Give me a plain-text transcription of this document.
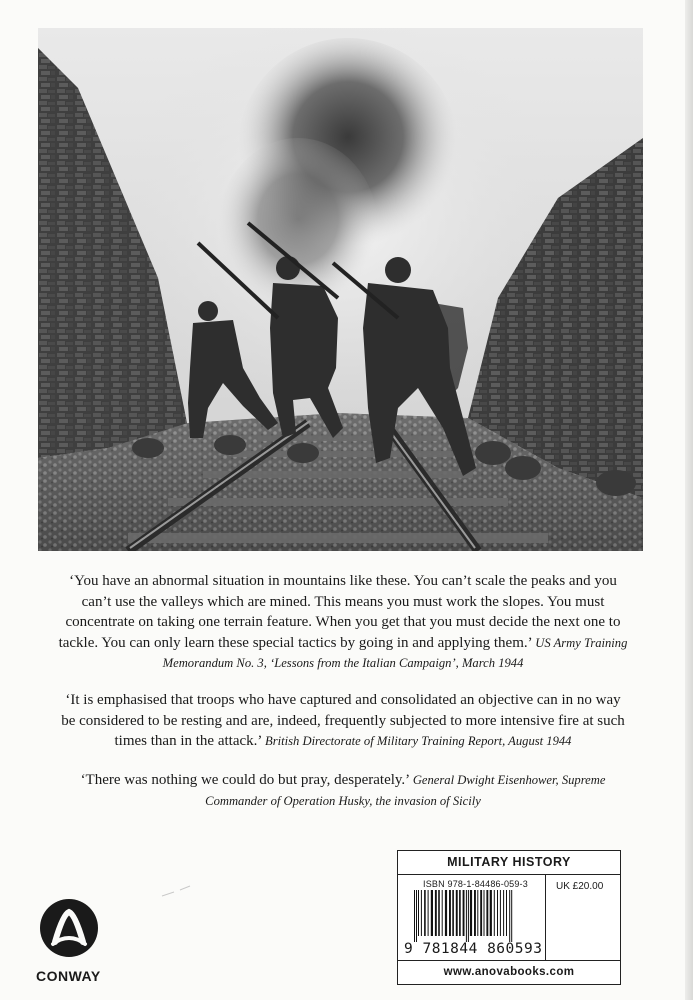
‘You have an abnormal situation in mountains like these. You can’t scale the peaks and you can’t use the valleys which are mined. This means you must work the slopes. You must concentrate on taking one terrain feature. When you get that you must decide the next one to tackle. You can only learn these special tactics by going in and applying them.’ US Army Training Memorandum No. 3, ‘Lessons from the Italian Campaign’, March 1944
‘It is emphasised that troops who have captured and consolidated an objective can in no way be considered to be resting and are, indeed, frequently subjected to more intensive fire at such times than in the attack.’ British Directorate of Military Training Report, August 1944
‘There was nothing we could do but pray, desperately.’ General Dwight Eisenhower, Supreme Commander of Operation Husky, the invasion of Sicily
MILITARY HISTORY
ISBN 978-1-84486-059-3
9 781844 860593
UK £20.00
www.anovabooks.com
CONWAY
